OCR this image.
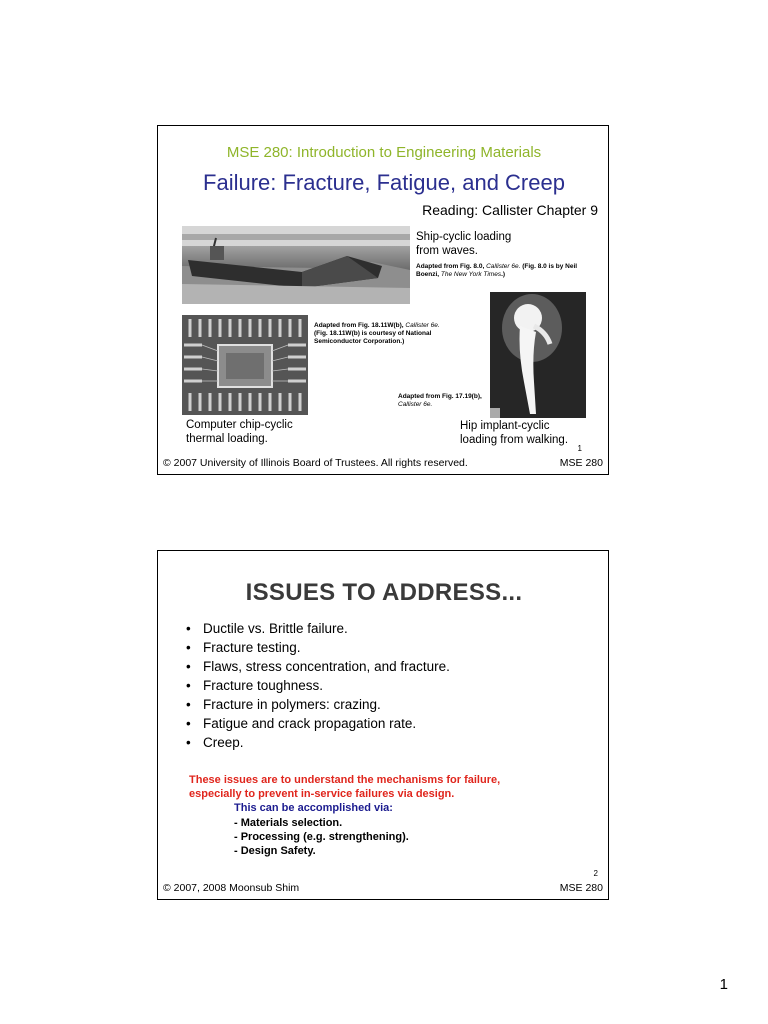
MSE 280: Introduction to Engineering Materials
Failure: Fracture, Fatigue, and Creep
Reading: Callister Chapter 9
Ship-cyclic loading
from waves.
Adapted from Fig. 8.0, Callister 6e. (Fig. 8.0 is by Neil Boenzi, The New York Times.)
Adapted from Fig. 18.11W(b), Callister 6e.
(Fig. 18.11W(b) is courtesy of National Semiconductor Corporation.)
Computer chip-cyclic
thermal loading.
Adapted from Fig. 17.19(b), Callister 6e.
Hip implant-cyclic
loading from walking.
1
© 2007 University of Illinois Board of Trustees. All rights reserved.	MSE 280
ISSUES TO ADDRESS...
• Ductile vs. Brittle failure.
• Fracture testing.
• Flaws, stress concentration, and fracture.
• Fracture toughness.
• Fracture in polymers: crazing.
• Fatigue and crack propagation rate.
• Creep.
These issues are to understand the mechanisms for failure,
especially to prevent in-service failures via design.
This can be accomplished via:
- Materials selection.
- Processing (e.g. strengthening).
- Design Safety.
2
© 2007, 2008 Moonsub Shim	MSE 280
1
